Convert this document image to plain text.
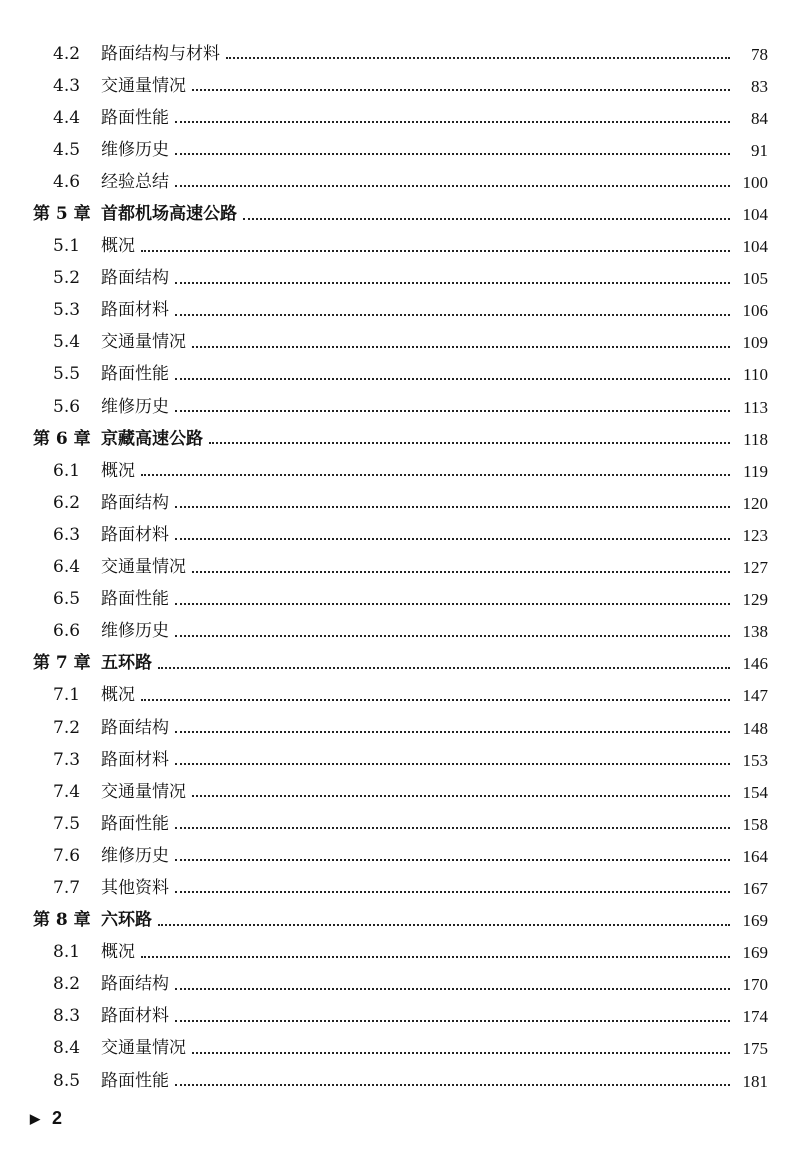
4.2	路面结构与材料	78
4.3	交通量情况	83
4.4	路面性能	84
4.5	维修历史	91
4.6	经验总结	100
第 5 章 首都机场高速公路	104
5.1	概况	104
5.2	路面结构	105
5.3	路面材料	106
5.4	交通量情况	109
5.5	路面性能	110
5.6	维修历史	113
第 6 章 京藏高速公路	118
6.1	概况	119
6.2	路面结构	120
6.3	路面材料	123
6.4	交通量情况	127
6.5	路面性能	129
6.6	维修历史	138
第 7 章 五环路	146
7.1	概况	147
7.2	路面结构	148
7.3	路面材料	153
7.4	交通量情况	154
7.5	路面性能	158
7.6	维修历史	164
7.7	其他资料	167
第 8 章 六环路	169
8.1	概况	169
8.2	路面结构	170
8.3	路面材料	174
8.4	交通量情况	175
8.5	路面性能	181
▶ 2
